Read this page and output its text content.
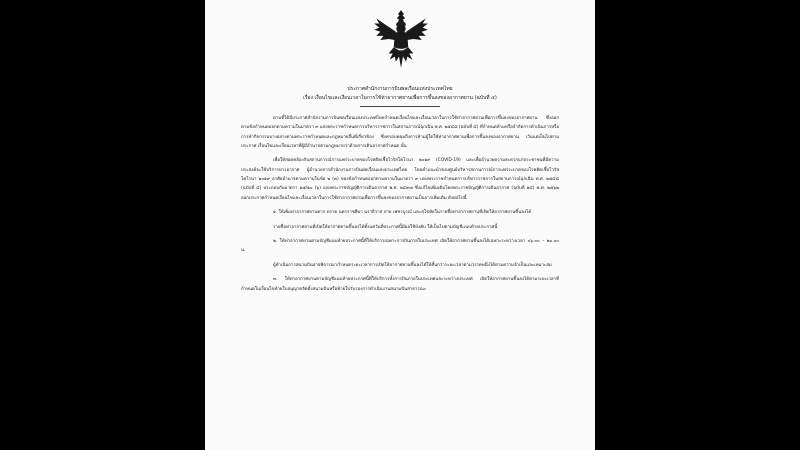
ประกาศสำนักงานการบินพลเรือนแห่งประเทศไทย
เรื่อง เงื่อนไขและเงื่อนเวลาในการใช้ท่าอากาศยานเพื่อการขึ้นลงของอากาศยาน (ฉบับที่ ๔)

ตามที่ได้มีประกาศสำนักงานการบินพลเรือนแห่งประเทศไทยกำหนดเงื่อนไขและเงื่อนเวลาในการใช้ท่าอากาศยานเพื่อการขึ้นลงของอากาศยาน ซึ่งออกตามข้อกำหนดออกตามความในมาตรา ๙ แห่งพระราชกำหนดการบริหารราชการในสถานการณ์ฉุกเฉิน พ.ศ. ๒๕๔๘ (ฉบับที่ ๔) ที่กำหนดห้ามหรือจำกัดการดำเนินการหรือการทำกิจกรรมบางอย่างตามพระราชกำหนดและกฎหมายอื่นที่เกี่ยวข้อง ซึ่งครอบคลุมถึงการห้ามผู้ใดใช้ท่าอากาศยานเพื่อการขึ้นลงของอากาศยาน เว้นแต่เป็นไปตามประกาศ เงื่อนไขและเงื่อนเวลาที่ผู้มีอำนาจตามกฎหมายว่าด้วยการเดินอากาศกำหนด นั้น

เพื่อให้สอดคล้องกับสถานการณ์การแพร่ระบาดของโรคติดเชื้อไวรัสโคโรนา ๒๐๑๙ (COVID-19) และเพื่ออำนวยความสะดวกแก่ประชาชนที่มีความประสงค์จะใช้บริการทางอากาศ ผู้อำนวยการสำนักงานการบินพลเรือนแห่งประเทศไทย โดยคำแนะนำของศูนย์บริหารสถานการณ์การแพร่ระบาดของโรคติดเชื้อไวรัสโคโรนา ๒๐๑๙ อาศัยอำนาจตามความในข้อ ๒ (๓) ของข้อกำหนดออกตามความในมาตรา ๙ แห่งพระราชกำหนดการบริหารราชการในสถานการณ์ฉุกเฉิน พ.ศ. ๒๕๔๘ (ฉบับที่ ๔) ประกอบกับมาตรา ๑๕/๑๐ (๖) แห่งพระราชบัญญัติการเดินอากาศ พ.ศ. ๒๔๙๗ ซึ่งแก้ไขเพิ่มเติมโดยพระราชบัญญัติการเดินอากาศ (ฉบับที่ ๑๔) พ.ศ. ๒๕๖๒ ออกประกาศกำหนดเงื่อนไขและเงื่อนเวลาในการใช้ท่าอากาศยานเพื่อการขึ้นลงของอากาศยานเป็นการเพิ่มเติม ดังต่อไปนี้

๑. ให้เพิ่มท่าอากาศยานตาก ตราด นครราชสีมา นราธิวาส ปาย เพชรบูรณ์ และสุโขทัยในรายชื่อท่าอากาศยานที่เปิดให้อากาศยานขึ้นลงได้

รายชื่อท่าอากาศยานที่เปิดให้อากาศยานขึ้นลงได้ตั้งแต่วันที่ประกาศนี้มีผลใช้บังคับ ให้เป็นไปตามบัญชีแนบท้ายประกาศนี้

๒. ให้ท่าอากาศยานตามบัญชีแนบท้ายประกาศนี้ที่ให้บริการเฉพาะการบินภายในประเทศ เปิดให้อากาศยานขึ้นลงได้เฉพาะระหว่างเวลา ๐๖.๐๐ – ๒๐.๐๐ น.

ผู้ดำเนินการสนามบินอาจพิจารณากำหนดระยะเวลาการเปิดให้อากาศยานขึ้นลงได้ให้สั้นกว่าระยะเวลาตามวรรคหนึ่งได้ตามความจำเป็นและเหมาะสม

๓. ให้ท่าอากาศยานตามบัญชีแนบท้ายประกาศนี้ที่ให้บริการทั้งการบินภายในประเทศและระหว่างประเทศ เปิดให้อากาศยานขึ้นลงได้ตามระยะเวลาที่กำหนดในเงื่อนไขท้ายใบอนุญาตจัดตั้งสนามบินหรือท้ายใบรับรองการดำเนินงานสนามบินสาธารณะ
